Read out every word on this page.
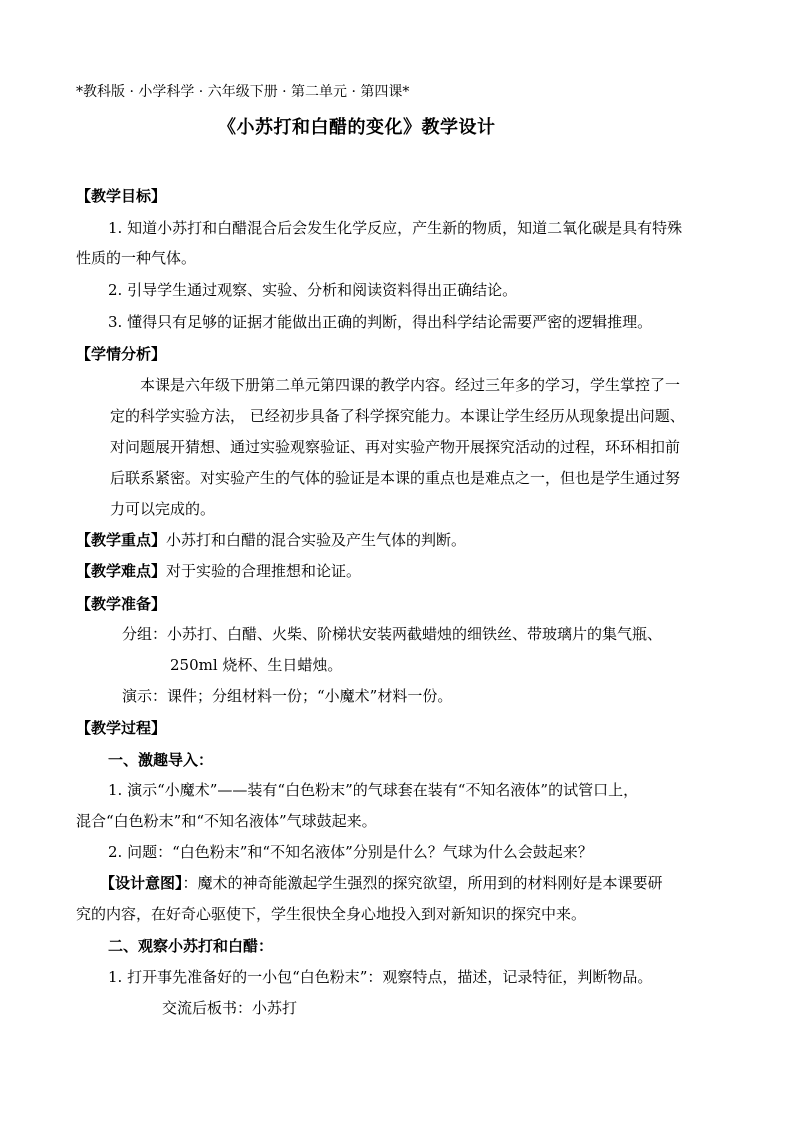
*教科版 · 小学科学 · 六年级下册 · 第二单元 · 第四课*
《小苏打和白醋的变化》教学设计
【教学目标】
1. 知道小苏打和白醋混合后会发生化学反应，产生新的物质，知道二氧化碳是具有特殊
性质的一种气体。
2. 引导学生通过观察、实验、分析和阅读资料得出正确结论。
3. 懂得只有足够的证据才能做出正确的判断，得出科学结论需要严密的逻辑推理。
【学情分析】
本课是六年级下册第二单元第四课的教学内容。经过三年多的学习，学生掌控了一
定的科学实验方法， 已经初步具备了科学探究能力。本课让学生经历从现象提出问题、
对问题展开猜想、通过实验观察验证、再对实验产物开展探究活动的过程，环环相扣前
后联系紧密。对实验产生的气体的验证是本课的重点也是难点之一，但也是学生通过努
力可以完成的。
【教学重点】小苏打和白醋的混合实验及产生气体的判断。
【教学难点】对于实验的合理推想和论证。
【教学准备】
分组：小苏打、白醋、火柴、阶梯状安装两截蜡烛的细铁丝、带玻璃片的集气瓶、
250ml 烧杯、生日蜡烛。
演示：课件；分组材料一份；“小魔术”材料一份。
【教学过程】
一、激趣导入：
1. 演示“小魔术”——装有“白色粉末”的气球套在装有“不知名液体”的试管口上，
混合“白色粉末”和“不知名液体”气球鼓起来。
2. 问题：“白色粉末”和“不知名液体”分别是什么？气球为什么会鼓起来？
【设计意图】：魔术的神奇能激起学生强烈的探究欲望，所用到的材料刚好是本课要研
究的内容，在好奇心驱使下，学生很快全身心地投入到对新知识的探究中来。
二、观察小苏打和白醋：
1. 打开事先准备好的一小包“白色粉末”：观察特点，描述，记录特征，判断物品。
交流后板书：小苏打
